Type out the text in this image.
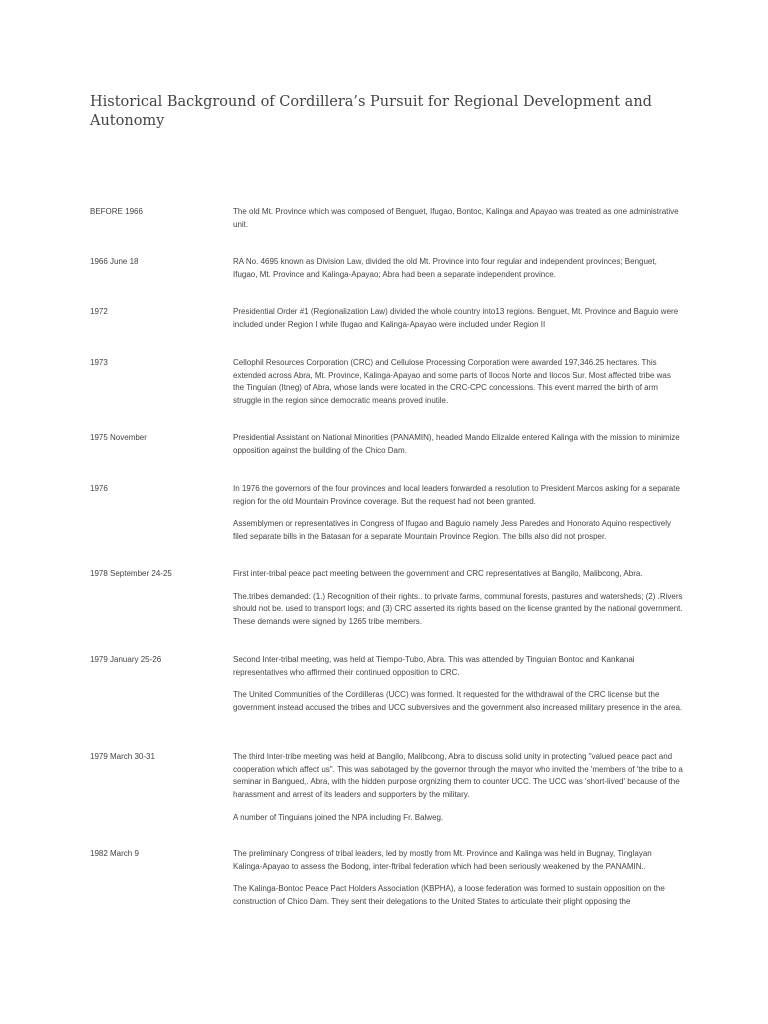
Historical Background of Cordillera’s Pursuit for Regional Development and Autonomy
BEFORE 1966	The old Mt. Province which was composed of Benguet, Ifugao, Bontoc, Kalinga and Apayao was treated as one administrative unit.

1966 June 18	RA No. 4695 known as Division Law, divided the old Mt. Province into four regular and independent provinces; Benguet, Ifugao, Mt. Province and Kalinga-Apayao; Abra had been a separate independent province.

1972	Presidential Order #1 (Regionalization Law) divided the whole country into13 regions. Benguet, Mt. Province and Baguio were included under Region I while Ifugao and Kalinga-Apayao were included under Region II

1973	Cellophil Resources Corporation (CRC) and Cellulose Processing Corporation were awarded 197,346.25 hectares. This extended across Abra, Mt. Province, Kalinga-Apayao and some parts of Ilocos Norte and Ilocos Sur. Most affected tribe was the Tinguian (Itneg) of Abra, whose lands were located in the CRC-CPC concessions. This event marred the birth of arm struggle in the region since democratic means proved inutile.

1975 November	Presidential Assistant on National Minorities (PANAMIN), headed Mando Elizalde entered Kalinga with the mission to minimize opposition against the building of the Chico Dam.

1976	In 1976 the governors of the four provinces and local leaders forwarded a resolution to President Marcos asking for a separate region for the old Mountain Province coverage. But the request had not been granted.

Assemblymen or representatives in Congress of Ifugao and Baguio namely Jess Paredes and Honorato Aquino respectively filed separate bills in the Batasan for a separate Mountain Province Region. The bills also did not prosper.

1978 September 24-25	First inter-tribal peace pact meeting between the government and CRC representatives at Bangilo, Malibcong, Abra.

The.tribes demanded: (1.) Recognition of their rights.. to private farms, communal forests, pastures and watersheds; (2) .Rivers should not be. used to transport logs; and (3) CRC asserted its rights based on the license granted by the national government. These demands were signed by 1265 tribe members.

1979 January 25-26	Second Inter-tribal meeting, was held at Tiempo-Tubo, Abra. This was attended by Tinguian Bontoc and Kankanai representatives who affirmed their continued opposition to CRC.

The United Communities of the Cordilleras (UCC) was formed. It requested for the withdrawal of the CRC license but the government instead accused the tribes and UCC subversives and the government also increased military presence in the area.

1979 March 30-31	The third Inter-tribe meeting was held at Bangilo, Malibcong, Abra to discuss solid unity in protecting "valued peace pact and cooperation which affect us". This was sabotaged by the governor through the mayor who invited the 'members of 'the tribe to a seminar in Bangued,. Abra, with the hidden purpose orgnizing them to counter UCC. The UCC was 'short-lived' because of the harassment and arrest of its leaders and supporters by the military.

A number of Tinguians joined the NPA including Fr. Balweg.

1982 March 9	The preliminary Congress of tribal leaders, led by mostly from Mt. Province and Kalinga was held in Bugnay, Tinglayan Kalinga-Apayao to assess the Bodong, inter-ftribal federation which had been seriously weakened by the PANAMIN..

The Kalinga-Bontoc Peace Pact Holders Association (KBPHA), a loose federation was formed to sustain opposition on the construction of Chico Dam. They sent their delegations to the United States to articulate their plight opposing the
